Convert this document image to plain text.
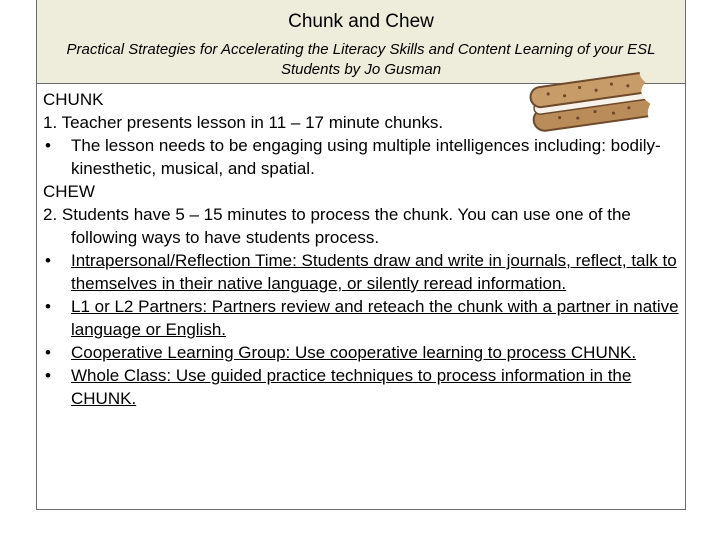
Chunk and Chew
Practical Strategies for Accelerating the Literacy Skills and Content Learning of your ESL Students by Jo Gusman

CHUNK

1. Teacher presents lesson in 11 – 17 minute chunks.

• The lesson needs to be engaging using multiple intelligences including: bodily-kinesthetic, musical, and spatial.

CHEW

2. Students have 5 – 15 minutes to process the chunk. You can use one of the following ways to have students process.

• Intrapersonal/Reflection Time: Students draw and write in journals, reflect, talk to themselves in their native language, or silently reread information.
• L1 or L2 Partners: Partners review and reteach the chunk with a partner in native language or English.
• Cooperative Learning Group: Use cooperative learning to process CHUNK.
• Whole Class: Use guided practice techniques to process information in the CHUNK.
